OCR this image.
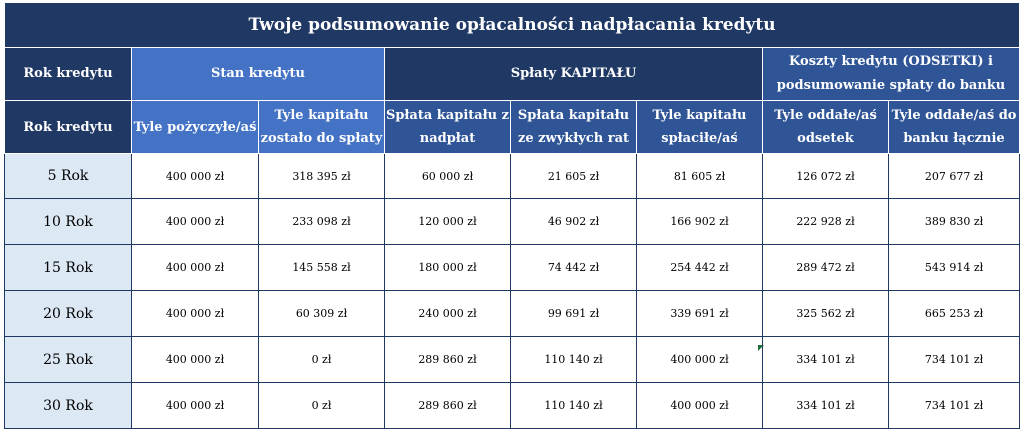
Twoje podsumowanie opłacalności nadpłacania kredytu							
Rok kredytu	Stan kredytu		Spłaty KAPITAŁU			Koszty kredytu (ODSETKI) i podsumowanie spłaty do banku	
Rok kredytu	Tyle pożyczyłe/aś	Tyle kapitału zostało do spłaty	Spłata kapitału z nadpłat	Spłata kapitału ze zwykłych rat	Tyle kapitału spłaciłe/aś	Tyle oddałe/aś odsetek	Tyle oddałe/aś do banku łącznie
5 Rok	400 000 zł	318 395 zł	60 000 zł	21 605 zł	81 605 zł	126 072 zł	207 677 zł
10 Rok	400 000 zł	233 098 zł	120 000 zł	46 902 zł	166 902 zł	222 928 zł	389 830 zł
15 Rok	400 000 zł	145 558 zł	180 000 zł	74 442 zł	254 442 zł	289 472 zł	543 914 zł
20 Rok	400 000 zł	60 309 zł	240 000 zł	99 691 zł	339 691 zł	325 562 zł	665 253 zł
25 Rok	400 000 zł	0 zł	289 860 zł	110 140 zł	400 000 zł	334 101 zł	734 101 zł
30 Rok	400 000 zł	0 zł	289 860 zł	110 140 zł	400 000 zł	334 101 zł	734 101 zł
